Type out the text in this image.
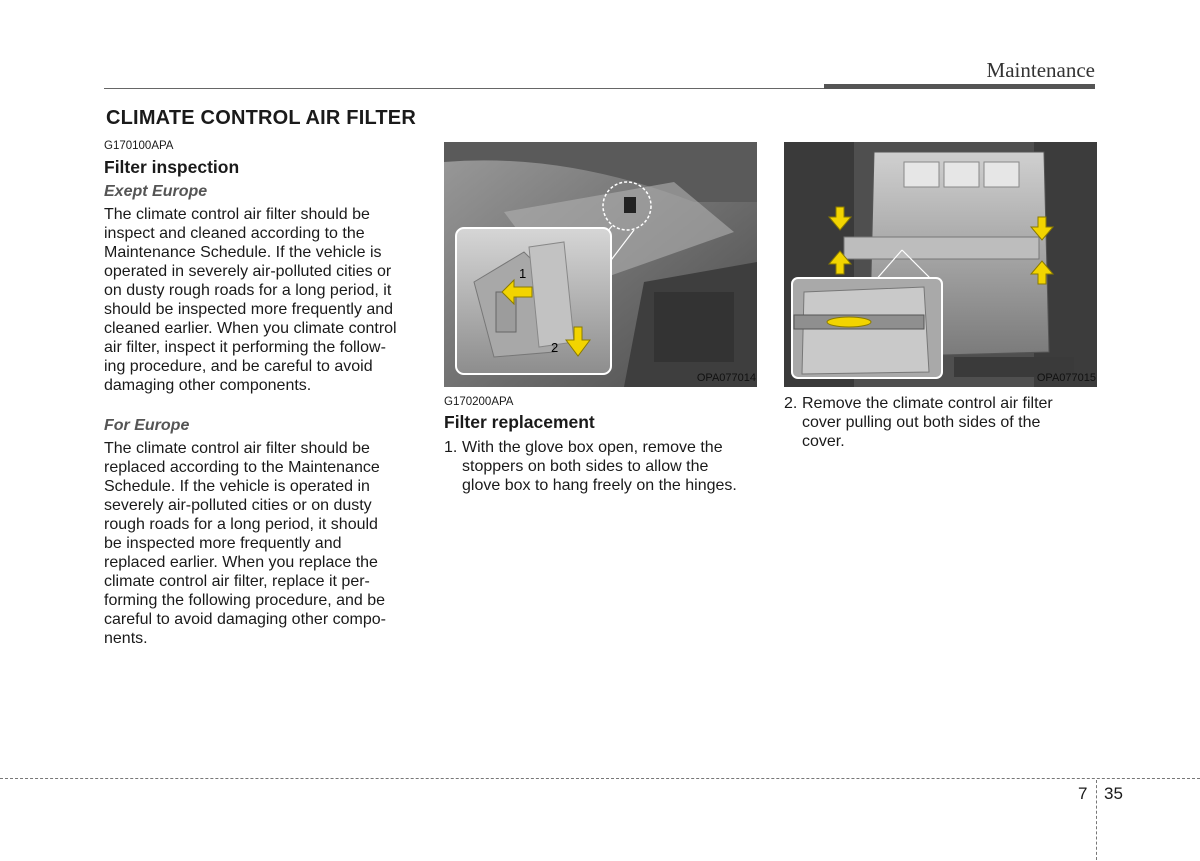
Maintenance
CLIMATE CONTROL AIR FILTER
G170100APA
Filter inspection
Exept Europe
The climate control air filter should be
inspect and cleaned according to the
Maintenance Schedule. If the vehicle is
operated in severely air-polluted cities or
on dusty rough roads for a long period, it
should be inspected more frequently and
cleaned earlier. When you climate control
air filter, inspect it performing the follow-
ing procedure, and be careful to avoid
damaging other components.
For Europe
The climate control air filter should be
replaced according to the Maintenance
Schedule. If the vehicle is operated in
severely air-polluted cities or on dusty
rough roads for a long period, it should
be inspected more frequently and
replaced earlier. When you replace the
climate control air filter, replace it per-
forming the following procedure, and be
careful to avoid damaging other compo-
nents.
1
2
OPA077014
G170200APA
Filter replacement
1. With the glove box open, remove the
stoppers on both sides to allow the
glove box to hang freely on the hinges.
OPA077015
2. Remove the climate control air filter
cover pulling out both sides of the
cover.
7 35
